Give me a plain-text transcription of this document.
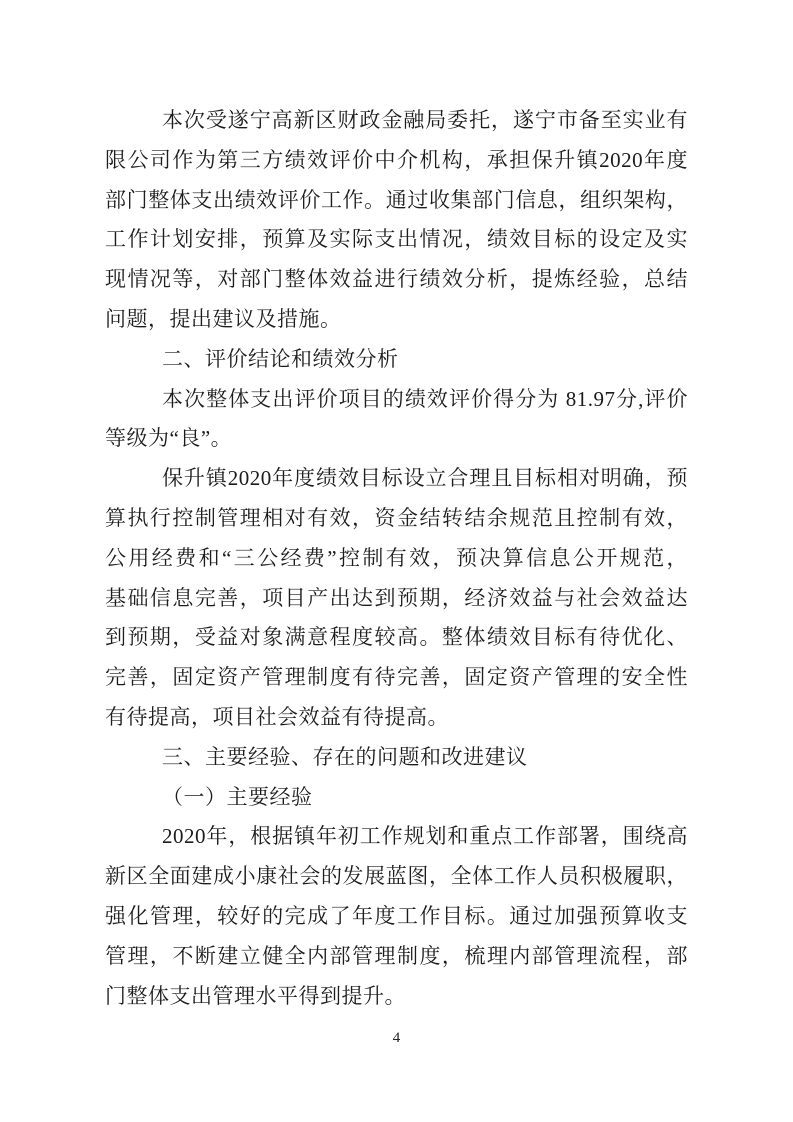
本次受遂宁高新区财政金融局委托，遂宁市备至实业有
限公司作为第三方绩效评价中介机构，承担保升镇2020年度
部门整体支出绩效评价工作。通过收集部门信息，组织架构，
工作计划安排，预算及实际支出情况，绩效目标的设定及实
现情况等，对部门整体效益进行绩效分析，提炼经验，总结
问题，提出建议及措施。
二、评价结论和绩效分析
本次整体支出评价项目的绩效评价得分为 81.97分,评价
等级为“良”。
保升镇2020年度绩效目标设立合理且目标相对明确，预
算执行控制管理相对有效，资金结转结余规范且控制有效，
公用经费和“三公经费”控制有效，预决算信息公开规范，
基础信息完善，项目产出达到预期，经济效益与社会效益达
到预期，受益对象满意程度较高。整体绩效目标有待优化、
完善，固定资产管理制度有待完善，固定资产管理的安全性
有待提高，项目社会效益有待提高。
三、主要经验、存在的问题和改进建议
（一）主要经验
2020年，根据镇年初工作规划和重点工作部署，围绕高
新区全面建成小康社会的发展蓝图，全体工作人员积极履职，
强化管理，较好的完成了年度工作目标。通过加强预算收支
管理，不断建立健全内部管理制度，梳理内部管理流程，部
门整体支出管理水平得到提升。
4
